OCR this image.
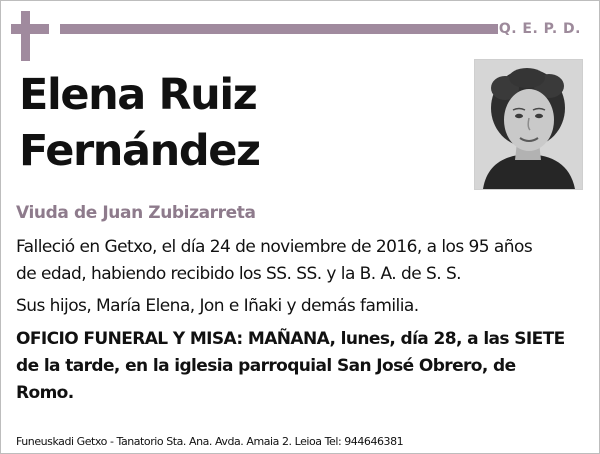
Q. E. P. D.
Elena Ruiz
Fernández
Viuda de Juan Zubizarreta
Falleció en Getxo, el día 24 de noviembre de 2016, a los 95 años
de edad, habiendo recibido los SS. SS. y la B. A. de S. S.
Sus hijos, María Elena, Jon e Iñaki y demás familia.
OFICIO FUNERAL Y MISA: MAÑANA, lunes, día 28, a las SIETE
de la tarde, en la iglesia parroquial San José Obrero, de
Romo.
Funeuskadi Getxo - Tanatorio Sta. Ana. Avda. Amaia 2. Leioa Tel: 944646381
